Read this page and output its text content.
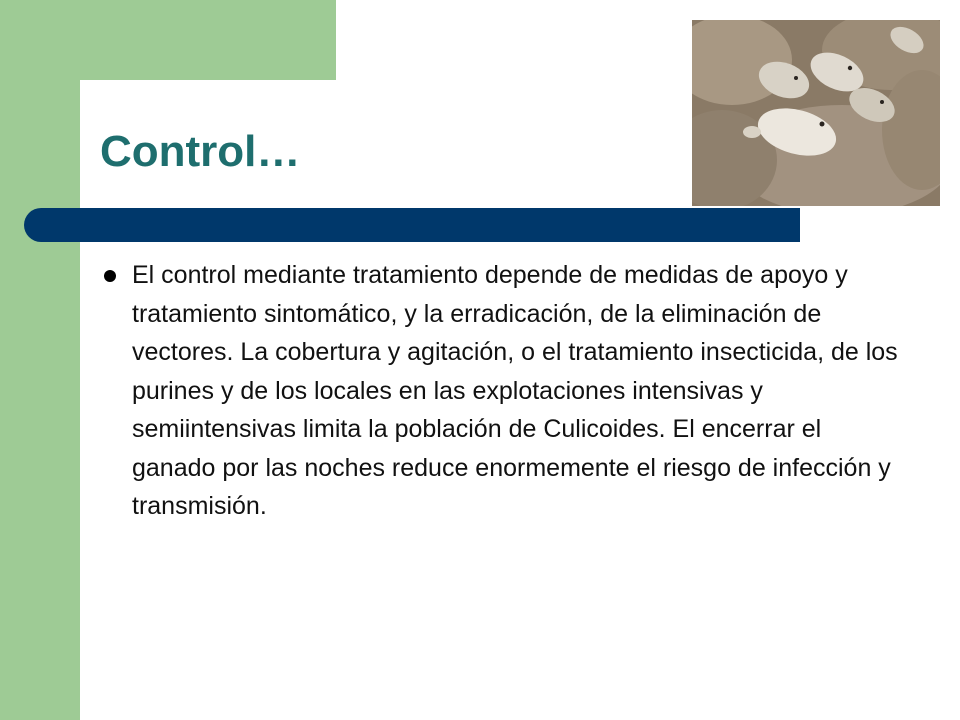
Control…

El control mediante tratamiento depende de medidas de apoyo y tratamiento sintomático, y la erradicación, de la eliminación de vectores. La cobertura y agitación, o el tratamiento insecticida, de los purines y de los locales en las explotaciones intensivas y semiintensivas limita la población de Culicoides. El encerrar el ganado por las noches reduce enormemente el riesgo de infección y transmisión.
